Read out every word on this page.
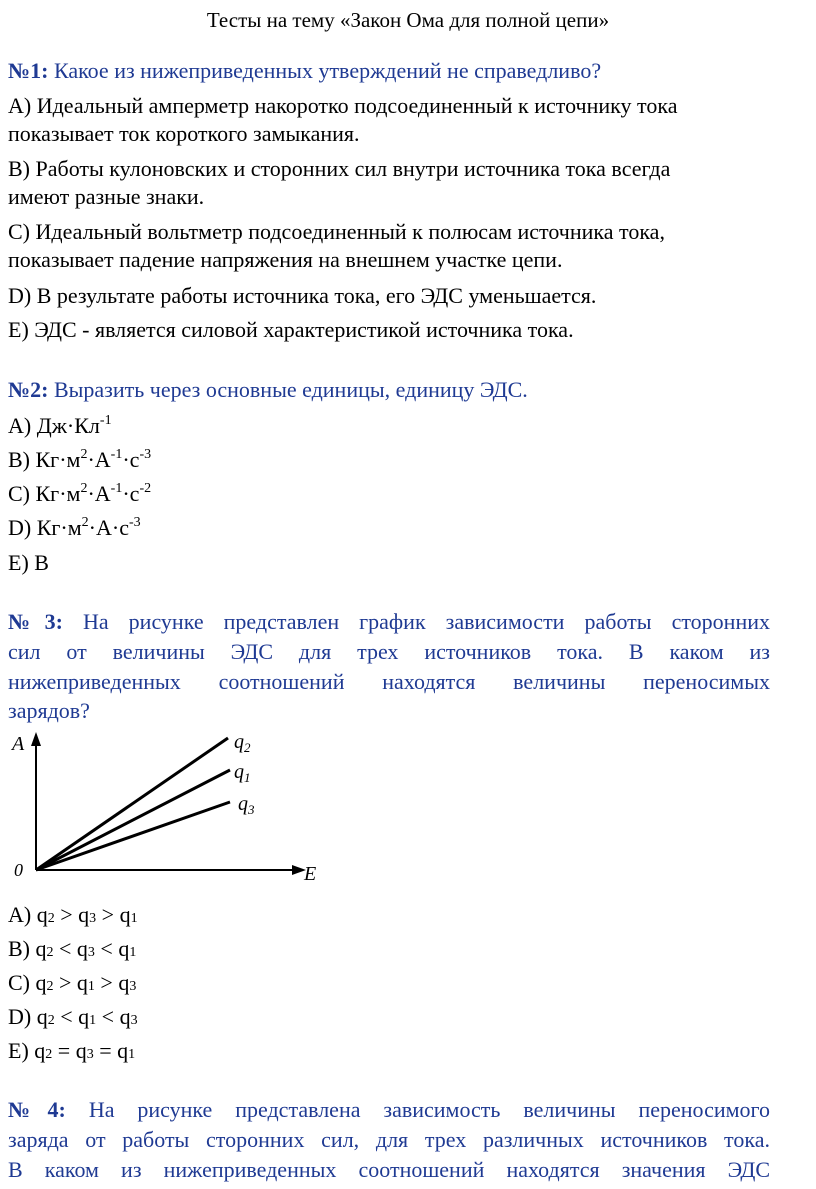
Тесты на тему «Закон Ома для полной цепи»
№1: Какое из нижеприведенных утверждений не справедливо?
A) Идеальный амперметр накоротко подсоединенный к источнику тока
показывает ток короткого замыкания.
B) Работы кулоновских и сторонних сил внутри источника тока всегда
имеют разные знаки.
C) Идеальный вольтметр подсоединенный к полюсам источника тока,
показывает падение напряжения на внешнем участке цепи.
D) В результате работы источника тока, его ЭДС уменьшается.
E) ЭДС - является силовой характеристикой источника тока.
№2: Выразить через основные единицы, единицу ЭДС.
A) $Дж\cdot Кл^{-1}$
B) $Кг\cdot м^2\cdot А^{-1}\cdot с^{-3}$
C) $Кг\cdot м^2\cdot А^{-1}\cdot с^{-2}$
D) $Кг\cdot м^2\cdot А\cdot с^{-3}$
E) В
№3: На рисунке представлен график зависимости работы сторонних
сил от величины ЭДС для трех источников тока. В каком из
нижеприведенных соотношений находятся величины переносимых
зарядов?
A
E
0
$q_2$
$q_1$
$q_3$
A) q2 > q3 > q1
B) q2 < q3 < q1
C) q2 > q1 > q3
D) q2 < q1 < q3
E) q2 = q3 = q1
№4: На рисунке представлена зависимость величины переносимого
заряда от работы сторонних сил, для трех различных источников тока.
В каком из нижеприведенных соотношений находятся значения ЭДС
